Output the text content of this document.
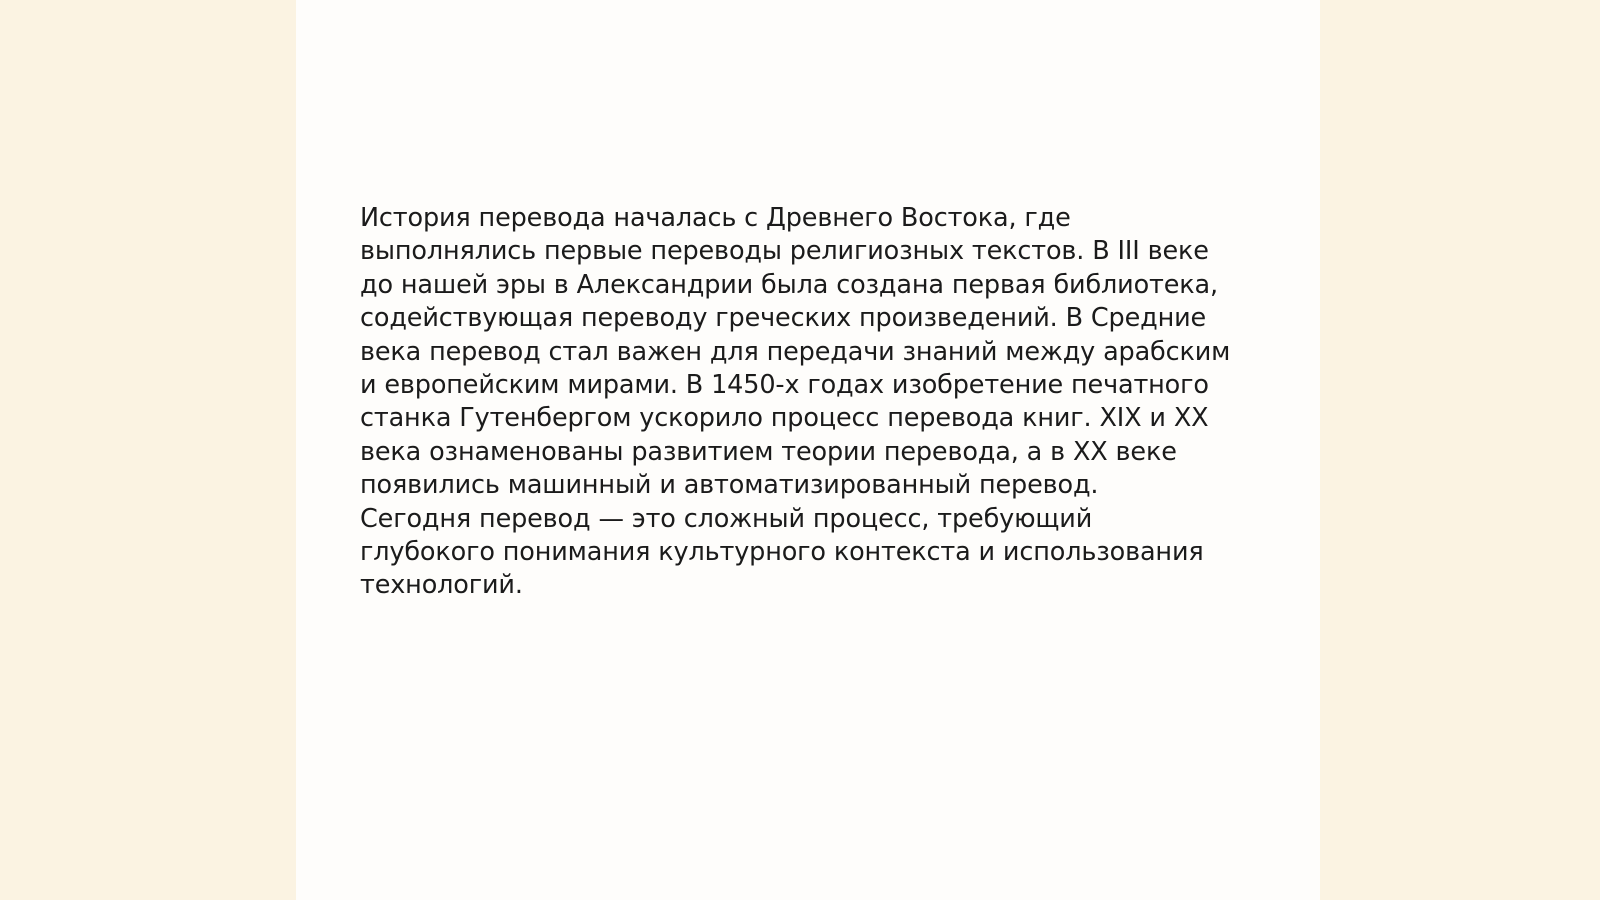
История перевода началась с Древнего Востока, где
выполнялись первые переводы религиозных текстов. В III веке
до нашей эры в Александрии была создана первая библиотека,
содействующая переводу греческих произведений. В Средние
века перевод стал важен для передачи знаний между арабским
и европейским мирами. В 1450-х годах изобретение печатного
станка Гутенбергом ускорило процесс перевода книг. XIX и XX
века ознаменованы развитием теории перевода, а в XX веке
появились машинный и автоматизированный перевод.
Сегодня перевод — это сложный процесс, требующий
глубокого понимания культурного контекста и использования
технологий.
